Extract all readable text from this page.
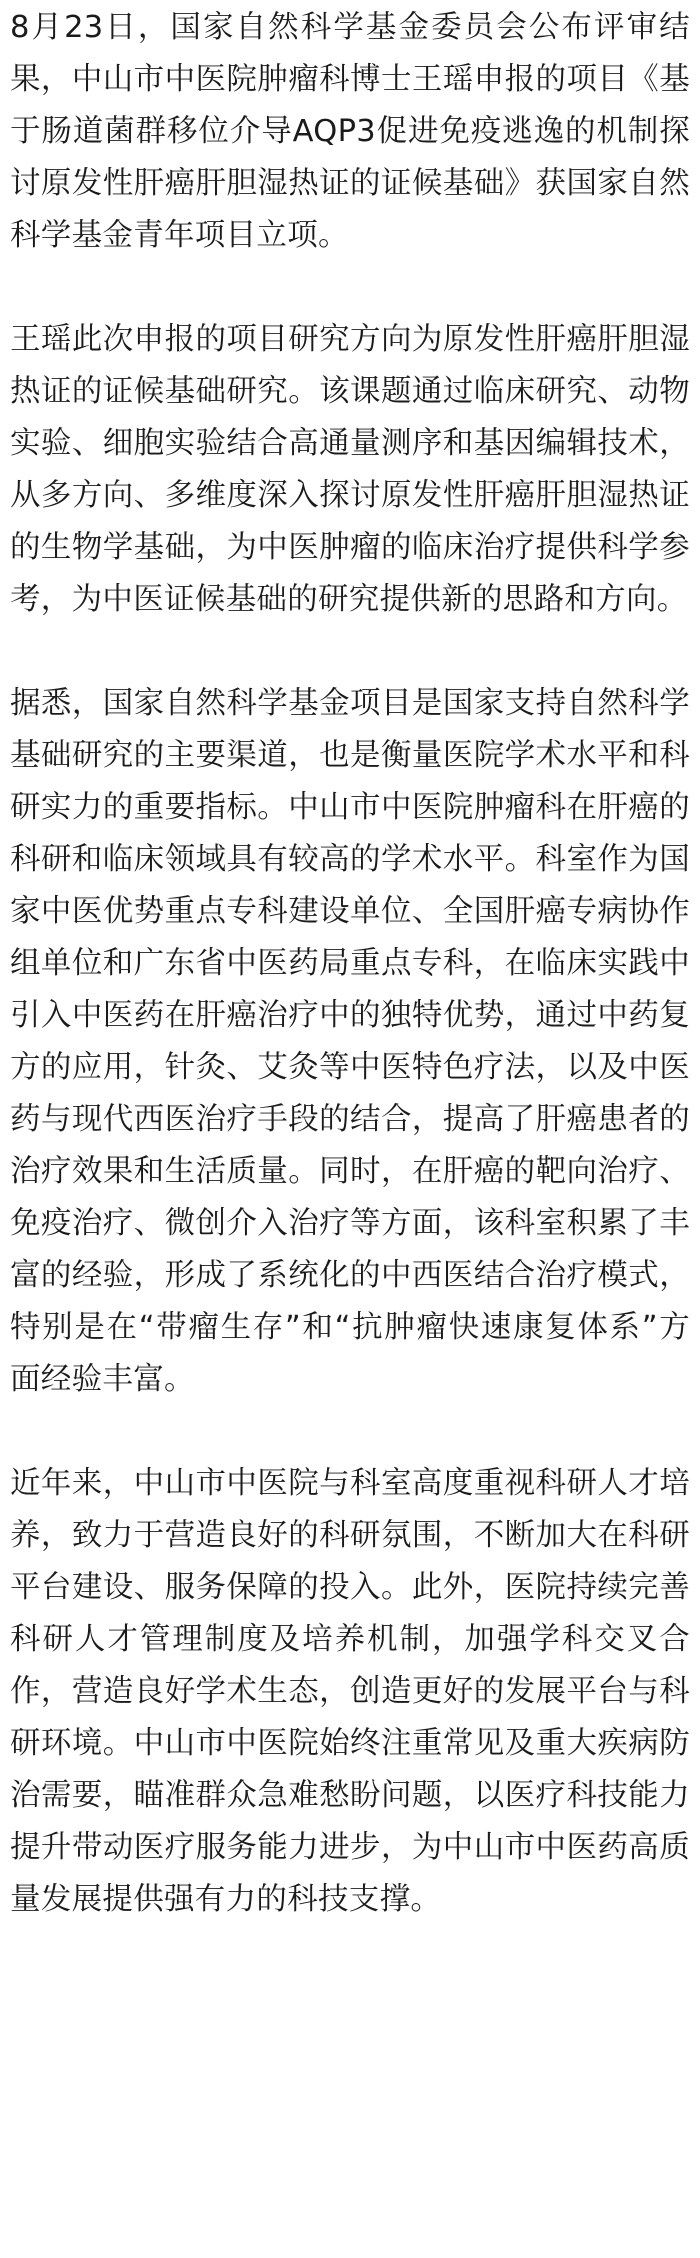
8月23日，国家自然科学基金委员会公布评审结果，中山市中医院肿瘤科博士王瑶申报的项目《基于肠道菌群移位介导AQP3促进免疫逃逸的机制探讨原发性肝癌肝胆湿热证的证候基础》获国家自然科学基金青年项目立项。

王瑶此次申报的项目研究方向为原发性肝癌肝胆湿热证的证候基础研究。该课题通过临床研究、动物实验、细胞实验结合高通量测序和基因编辑技术，从多方向、多维度深入探讨原发性肝癌肝胆湿热证的生物学基础，为中医肿瘤的临床治疗提供科学参考，为中医证候基础的研究提供新的思路和方向。

据悉，国家自然科学基金项目是国家支持自然科学基础研究的主要渠道，也是衡量医院学术水平和科研实力的重要指标。中山市中医院肿瘤科在肝癌的科研和临床领域具有较高的学术水平。科室作为国家中医优势重点专科建设单位、全国肝癌专病协作组单位和广东省中医药局重点专科，在临床实践中引入中医药在肝癌治疗中的独特优势，通过中药复方的应用，针灸、艾灸等中医特色疗法，以及中医药与现代西医治疗手段的结合，提高了肝癌患者的治疗效果和生活质量。同时，在肝癌的靶向治疗、免疫治疗、微创介入治疗等方面，该科室积累了丰富的经验，形成了系统化的中西医结合治疗模式，特别是在“带瘤生存”和“抗肿瘤快速康复体系”方面经验丰富。

近年来，中山市中医院与科室高度重视科研人才培养，致力于营造良好的科研氛围，不断加大在科研平台建设、服务保障的投入。此外，医院持续完善科研人才管理制度及培养机制，加强学科交叉合作，营造良好学术生态，创造更好的发展平台与科研环境。中山市中医院始终注重常见及重大疾病防治需要，瞄准群众急难愁盼问题，以医疗科技能力提升带动医疗服务能力进步，为中山市中医药高质量发展提供强有力的科技支撑。
